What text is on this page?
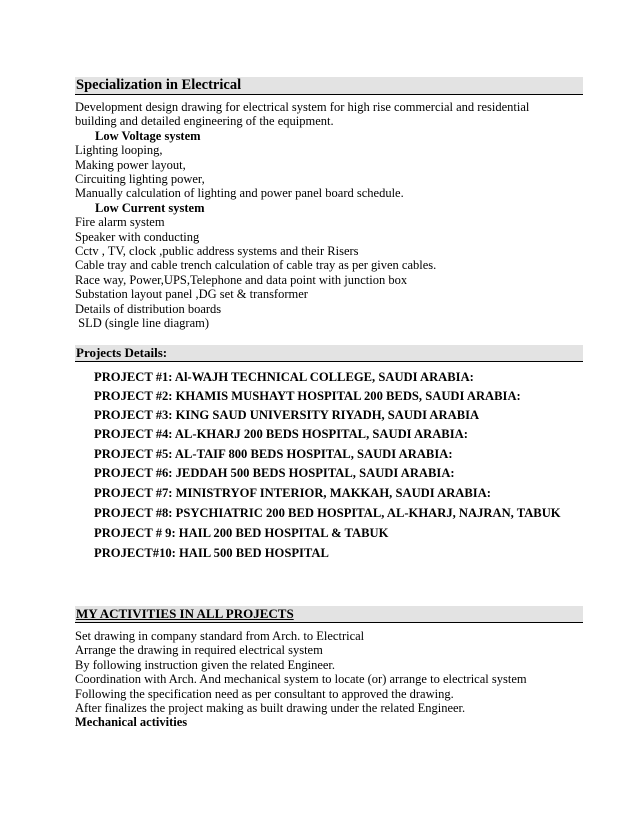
Specialization in Electrical
Development design drawing for electrical system for high rise commercial and residential
building and detailed engineering of the equipment.
Low Voltage system
Lighting looping,
Making power layout,
Circuiting lighting power,
Manually calculation of lighting and power panel board schedule.
Low Current system
Fire alarm system
Speaker with conducting
Cctv , TV, clock ,public address systems and their Risers
Cable tray and cable trench calculation of cable tray as per given cables.
Race way, Power,UPS,Telephone and data point with junction box
Substation layout panel ,DG set & transformer
Details of distribution boards
SLD (single line diagram)
Projects Details:
PROJECT #1: Al-WAJH TECHNICAL COLLEGE, SAUDI ARABIA:
PROJECT #2: KHAMIS MUSHAYT HOSPITAL 200 BEDS, SAUDI ARABIA:
PROJECT #3: KING SAUD UNIVERSITY RIYADH, SAUDI ARABIA
PROJECT #4: AL-KHARJ 200 BEDS HOSPITAL, SAUDI ARABIA:
PROJECT #5: AL-TAIF 800 BEDS HOSPITAL, SAUDI ARABIA:
PROJECT #6: JEDDAH 500 BEDS HOSPITAL, SAUDI ARABIA:
PROJECT #7: MINISTRYOF INTERIOR, MAKKAH, SAUDI ARABIA:
PROJECT #8: PSYCHIATRIC 200 BED HOSPITAL, AL-KHARJ, NAJRAN, TABUK
PROJECT # 9: HAIL 200 BED HOSPITAL & TABUK
PROJECT#10: HAIL 500 BED HOSPITAL
MY ACTIVITIES IN ALL PROJECTS
Set drawing in company standard from Arch. to Electrical
Arrange the drawing in required electrical system
By following instruction given the related Engineer.
Coordination with Arch. And mechanical system to locate (or) arrange to electrical system
Following the specification need as per consultant to approved the drawing.
After finalizes the project making as built drawing under the related Engineer.
Mechanical activities
